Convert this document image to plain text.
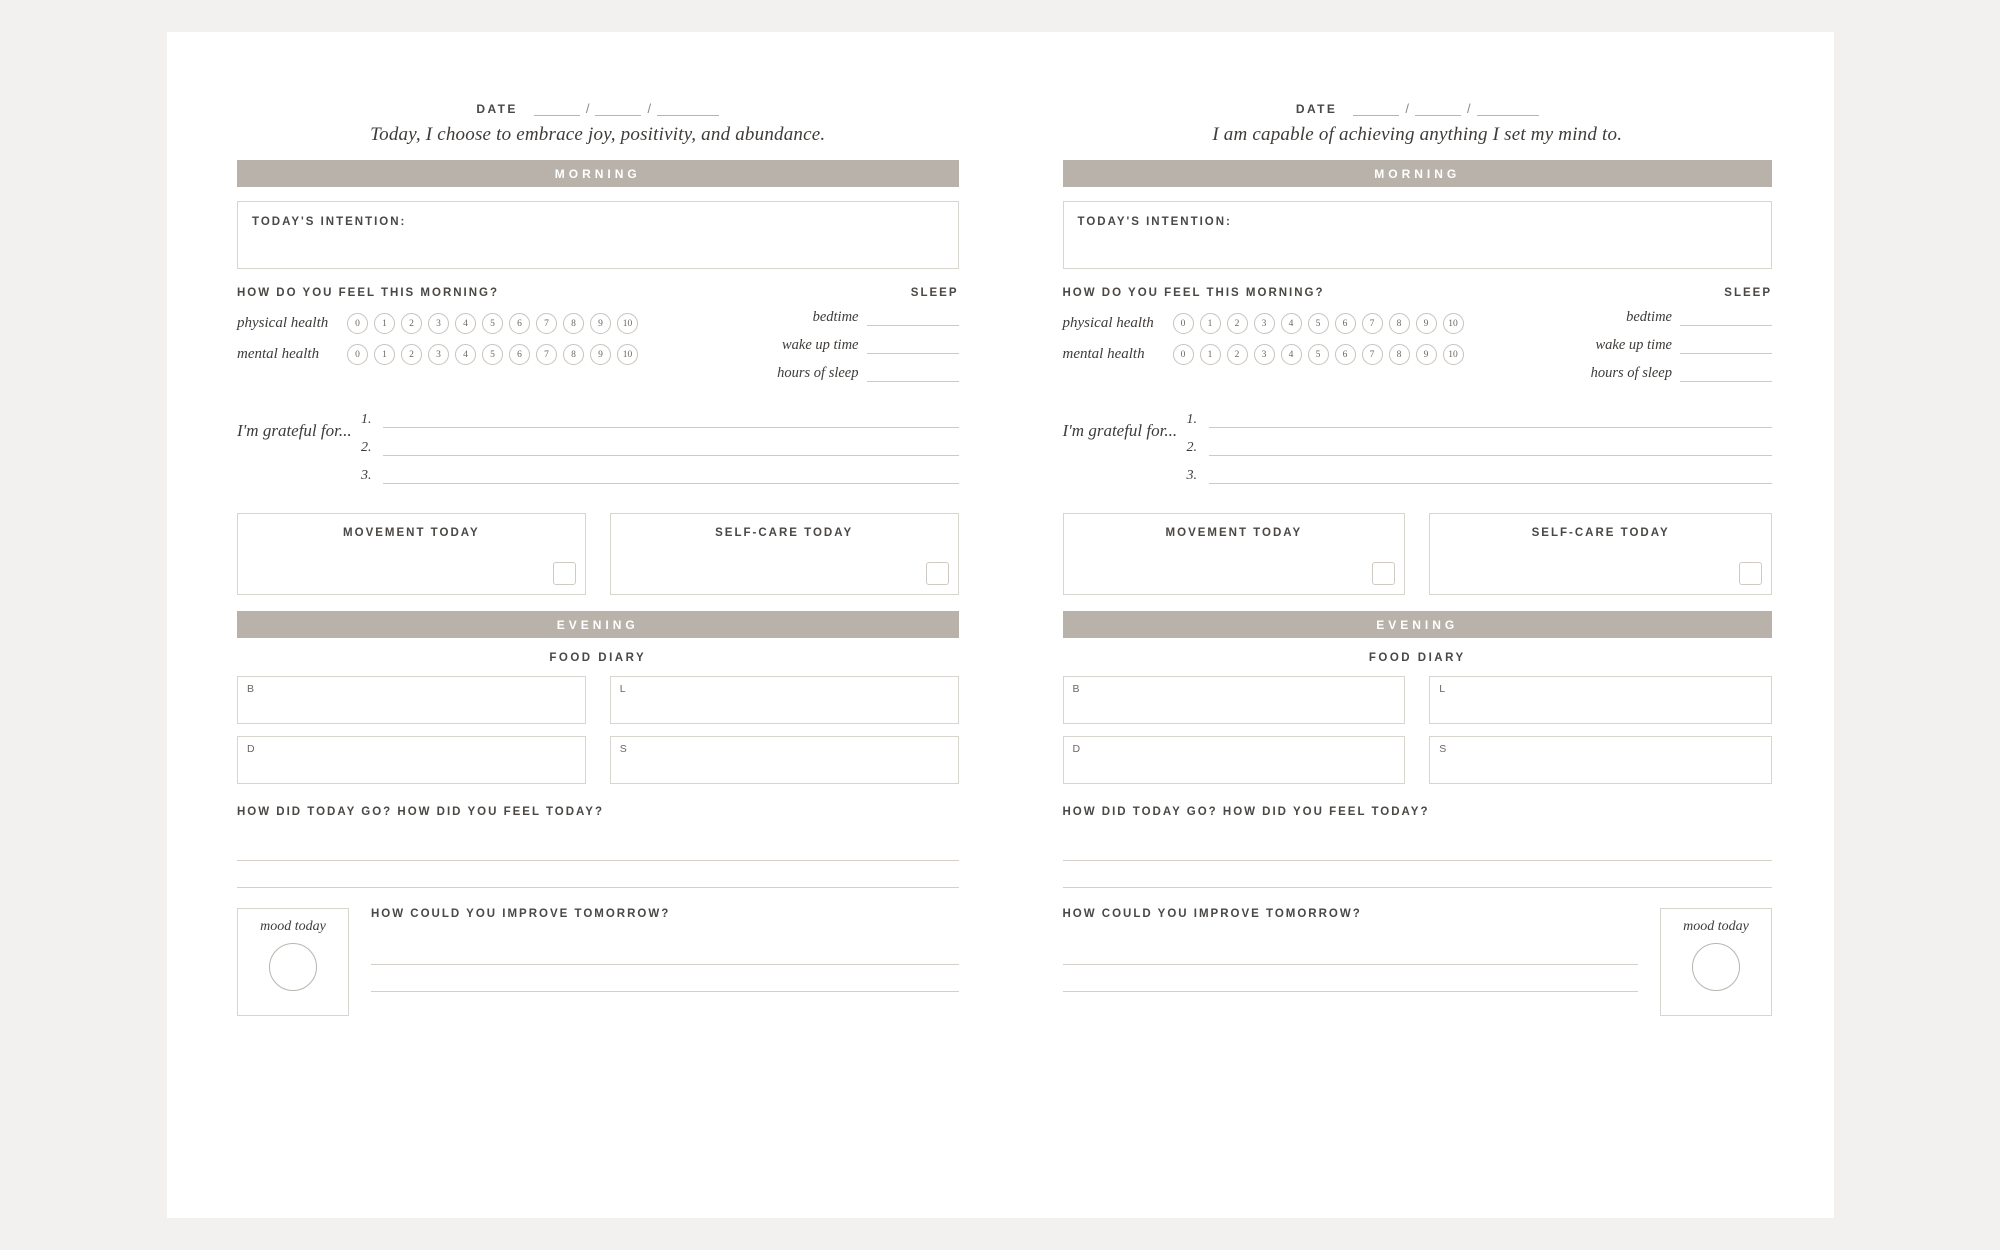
DATE	/	/
Today, I choose to embrace joy, positivity, and abundance.
MORNING
TODAY'S INTENTION:
HOW DO YOU FEEL THIS MORNING?	SLEEP
physical health	0	1	2	3	4	5	6	7	8	9	10
mental health	0	1	2	3	4	5	6	7	8	9	10
bedtime
wake up time
hours of sleep
I'm grateful for...
1.
2.
3.
MOVEMENT TODAY	SELF-CARE TODAY
EVENING
FOOD DIARY
B	L
D	S
HOW DID TODAY GO? HOW DID YOU FEEL TODAY?
mood today
HOW COULD YOU IMPROVE TOMORROW?
DATE	/	/
I am capable of achieving anything I set my mind to.
MORNING
TODAY'S INTENTION:
HOW DO YOU FEEL THIS MORNING?	SLEEP
physical health	0	1	2	3	4	5	6	7	8	9	10
mental health	0	1	2	3	4	5	6	7	8	9	10
bedtime
wake up time
hours of sleep
I'm grateful for...
1.
2.
3.
MOVEMENT TODAY	SELF-CARE TODAY
EVENING
FOOD DIARY
B	L
D	S
HOW DID TODAY GO? HOW DID YOU FEEL TODAY?
HOW COULD YOU IMPROVE TOMORROW?
mood today
